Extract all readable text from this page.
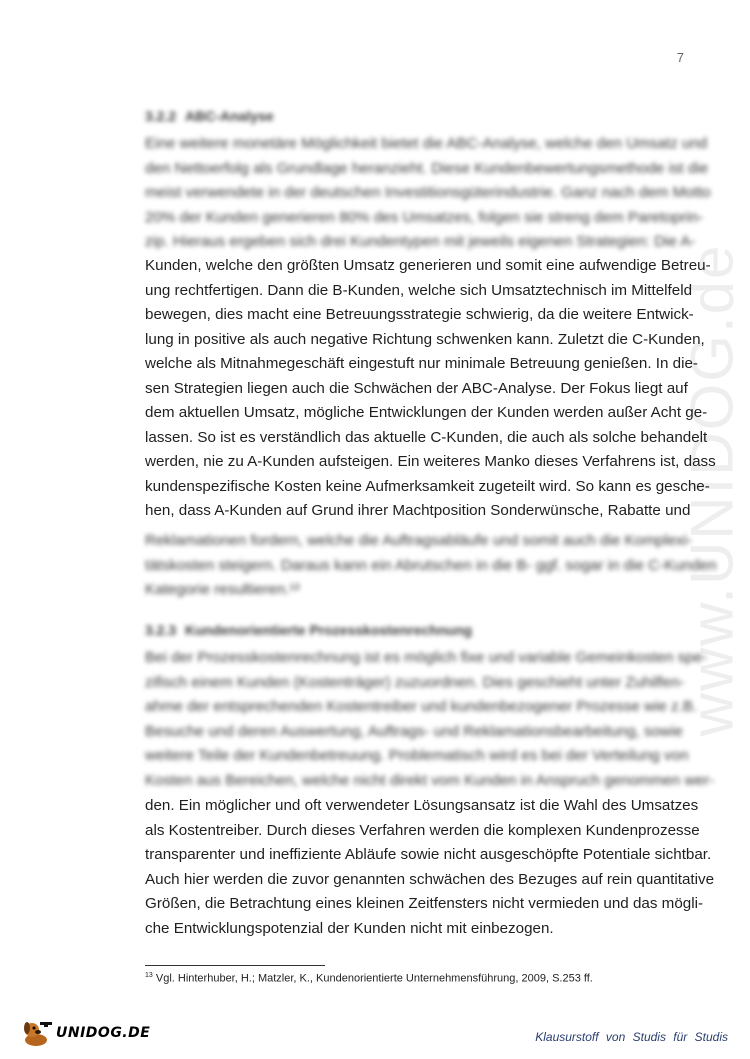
www.UNIDOG.de
7
3.2.2 ABC-Analyse
Eine weitere monetäre Möglichkeit bietet die ABC-Analyse, welche den Umsatz und
den Nettoerfolg als Grundlage heranzieht. Diese Kundenbewertungsmethode ist die
meist verwendete in der deutschen Investitionsgüterindustrie. Ganz nach dem Motto
20% der Kunden generieren 80% des Umsatzes, folgen sie streng dem Paretoprin-
zip. Hieraus ergeben sich drei Kundentypen mit jeweils eigenen Strategien: Die A-
Kunden, welche den größten Umsatz generieren und somit eine aufwendige Betreu-
ung rechtfertigen. Dann die B-Kunden, welche sich Umsatztechnisch im Mittelfeld
bewegen, dies macht eine Betreuungsstrategie schwierig, da die weitere Entwick-
lung in positive als auch negative Richtung schwenken kann. Zuletzt die C-Kunden,
welche als Mitnahmegeschäft eingestuft nur minimale Betreuung genießen. In die-
sen Strategien liegen auch die Schwächen der ABC-Analyse. Der Fokus liegt auf
dem aktuellen Umsatz, mögliche Entwicklungen der Kunden werden außer Acht ge-
lassen. So ist es verständlich das aktuelle C-Kunden, die auch als solche behandelt
werden, nie zu A-Kunden aufsteigen. Ein weiteres Manko dieses Verfahrens ist, dass
kundenspezifische Kosten keine Aufmerksamkeit zugeteilt wird. So kann es gesche-
hen, dass A-Kunden auf Grund ihrer Machtposition Sonderwünsche, Rabatte und
Reklamationen fordern, welche die Auftragsabläufe und somit auch die Komplexi-
tätskosten steigern. Daraus kann ein Abrutschen in die B- ggf. sogar in die C-Kunden
Kategorie resultieren.¹³
3.2.3 Kundenorientierte Prozesskostenrechnung
Bei der Prozesskostenrechnung ist es möglich fixe und variable Gemeinkosten spe-
zifisch einem Kunden (Kostenträger) zuzuordnen. Dies geschieht unter Zuhilfen-
ahme der entsprechenden Kostentreiber und kundenbezogener Prozesse wie z.B.
Besuche und deren Auswertung, Auftrags- und Reklamationsbearbeitung, sowie
weitere Teile der Kundenbetreuung. Problematisch wird es bei der Verteilung von
Kosten aus Bereichen, welche nicht direkt vom Kunden in Anspruch genommen wer-
den. Ein möglicher und oft verwendeter Lösungsansatz ist die Wahl des Umsatzes
als Kostentreiber. Durch dieses Verfahren werden die komplexen Kundenprozesse
transparenter und ineffiziente Abläufe sowie nicht ausgeschöpfte Potentiale sichtbar.
Auch hier werden die zuvor genannten schwächen des Bezuges auf rein quantitative
Größen, die Betrachtung eines kleinen Zeitfensters nicht vermieden und das mögli-
che Entwicklungspotenzial der Kunden nicht mit einbezogen.
$^{13}$ Vgl. Hinterhuber, H.; Matzler, K., Kundenorientierte Unternehmensführung, 2009, S.253 ff.
UNIDOG.DE	Klausurstoff von Studis für Studis
